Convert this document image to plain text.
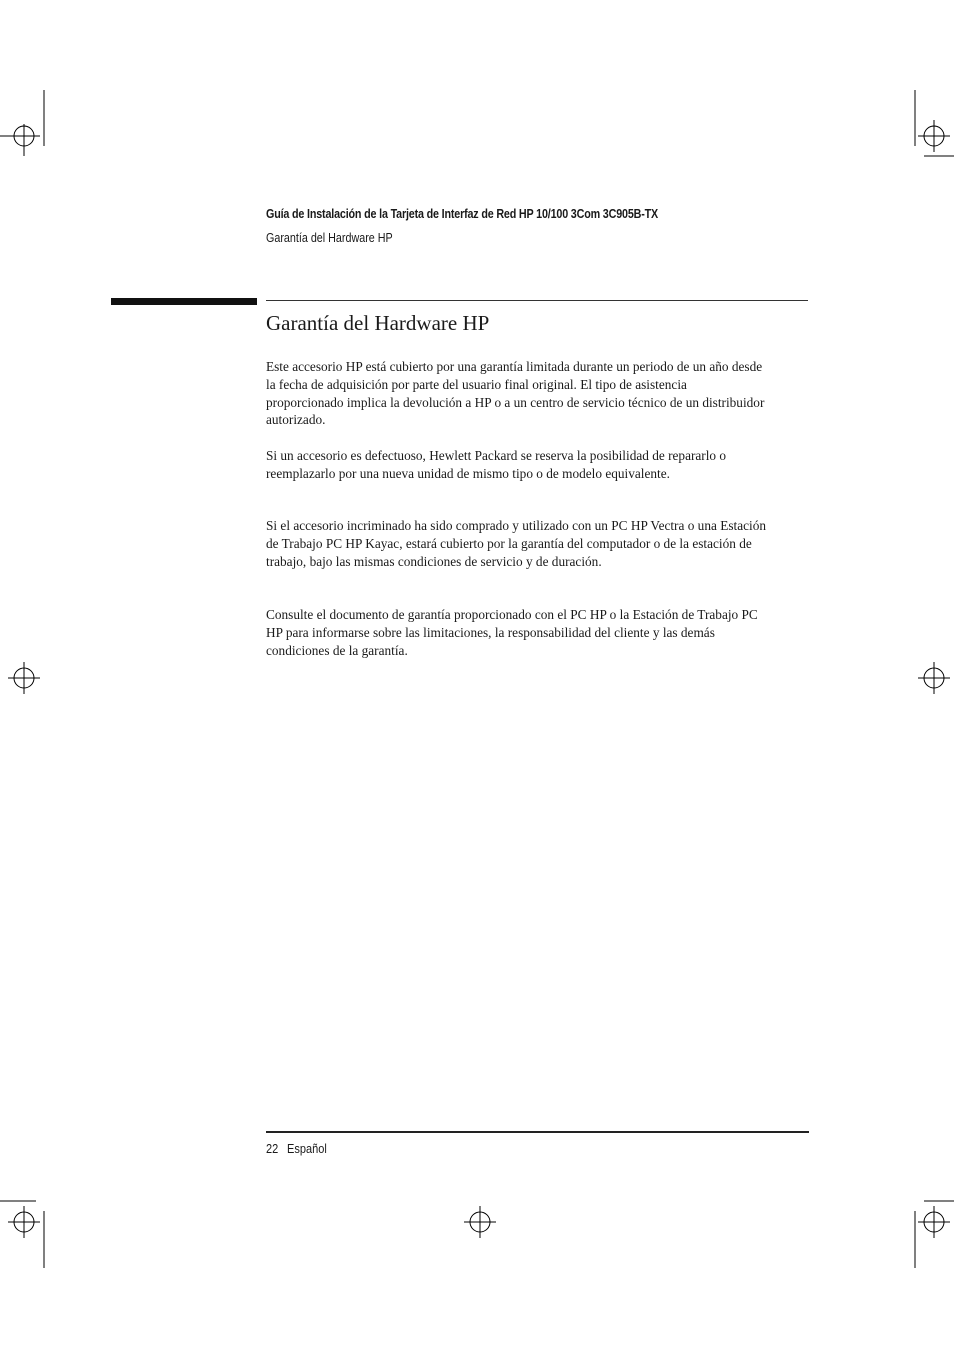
Guía de Instalación de la Tarjeta de Interfaz de Red HP 10/100 3Com 3C905B-TX
Garantía del Hardware HP
Garantía del Hardware HP

Este accesorio HP está cubierto por una garantía limitada durante un periodo de un año desde la fecha de adquisición por parte del usuario final original. El tipo de asistencia proporcionado implica la devolución a HP o a un centro de servicio técnico de un distribuidor autorizado.

Si un accesorio es defectuoso, Hewlett Packard se reserva la posibilidad de repararlo o reemplazarlo por una nueva unidad de mismo tipo o de modelo equivalente.

Si el accesorio incriminado ha sido comprado y utilizado con un PC HP Vectra o una Estación de Trabajo PC HP Kayac, estará cubierto por la garantía del computador o de la estación de trabajo, bajo las mismas condiciones de servicio y de duración.

Consulte el documento de garantía proporcionado con el PC HP o la Estación de Trabajo PC HP para informarse sobre las limitaciones, la responsabilidad del cliente y las demás condiciones de la garantía.

22 Español
